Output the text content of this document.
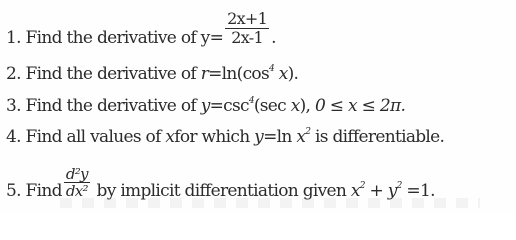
1. Find the derivative of $y= \frac{2x+1}{2x-1}$ .
2. Find the derivative of $r=\ln(\cos^4$ x).
3. Find the derivative of $y=\csc^4(\sec$ x), 0 ≤ x ≤ 2π.
4. Find all values of xfor which y=ln $x^2$ is differentiable.
5. Find $\frac{\text{d²y}}{\text{dx²}}$ by implicit differentiation given $x^2 + y^2 =1$.
